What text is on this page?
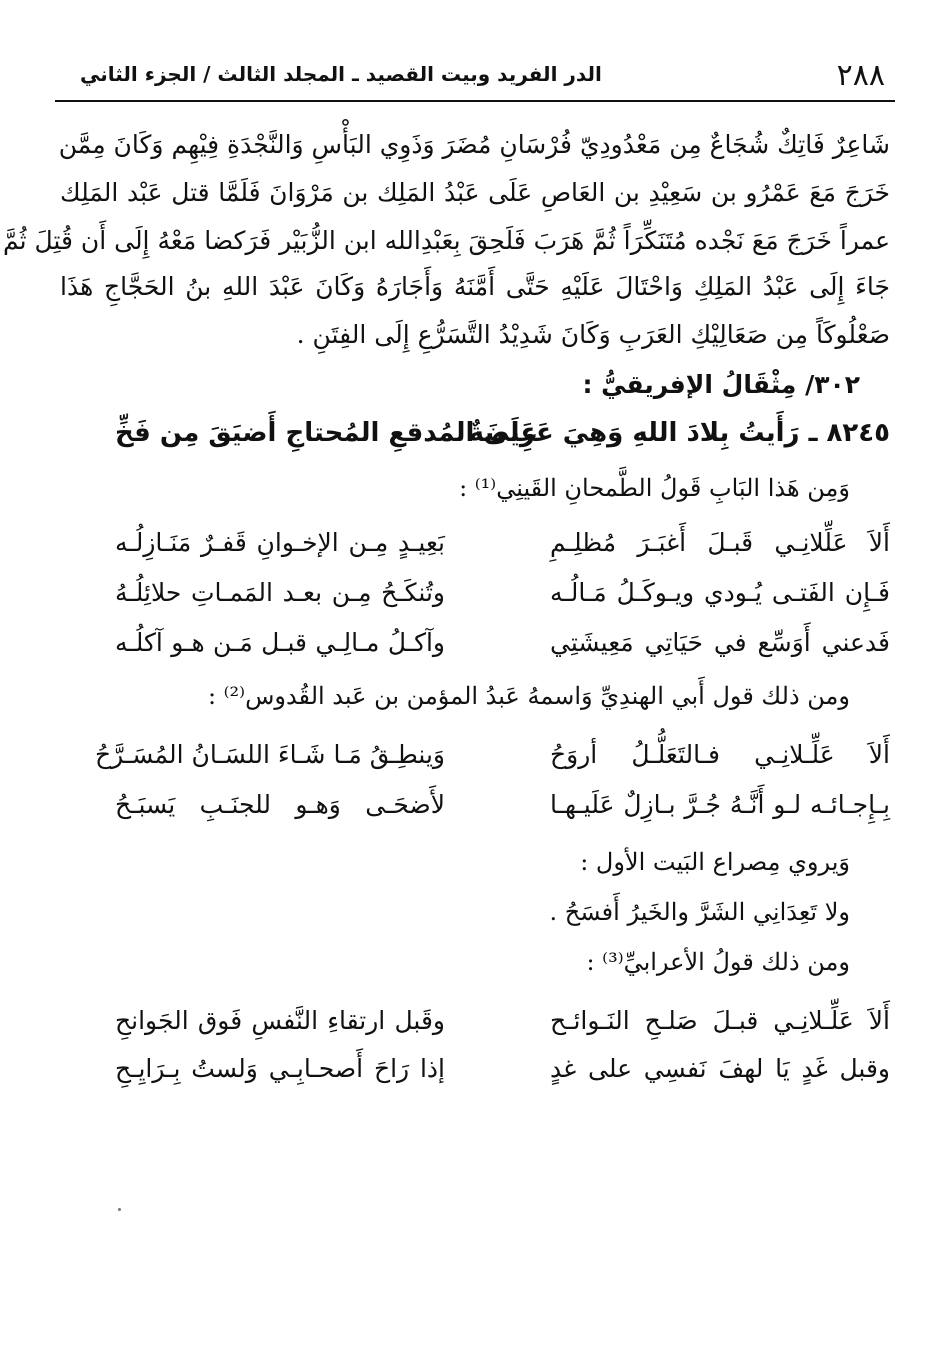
٢٨٨
الدر الفريد وبيت القصيد ـ المجلد الثالث / الجزء الثاني
شَاعِرٌ فَاتِكٌ شُجَاعٌ مِن مَعْدُودِيّ فُرْسَانِ مُضَرَ وَذَوِي البَأْسِ وَالنَّجْدَةِ فِيْهِم وَكَانَ مِمَّن
خَرَجَ مَعَ عَمْرُو بن سَعِيْدِ بن العَاصِ عَلَى عَبْدُ المَلِك بن مَرْوَانَ فَلَمَّا قتل عَبْد المَلِك
عمراً خَرَجَ مَعَ نَجْده مُتَنَكِّرَاً ثُمَّ هَرَبَ فَلَحِقَ بِعَبْدِالله ابن الزُّبَيْر فَرَكضا مَعْهُ إِلَى أَن قُتِلَ ثُمَّ
جَاءَ إِلَى عَبْدُ المَلِكِ وَاحْتَالَ عَلَيْهِ حَتَّى أَمَّنَهُ وَأَجَارَهُ وَكَانَ عَبْدَ اللهِ بنُ الحَجَّاجِ هَذَا
صَعْلُوكَاً مِن صَعَالِيْكِ العَرَبِ وَكَانَ شَدِيْدُ التَّسَرُّعِ إِلَى الفِتَنِ .
٣٠٢/ مِثْقَالُ الإفريقيُّ :
٨٢٤٥ ـ رَأَيتُ بِلادَ اللهِ وَهِيَ عَرِيضَةٌ
عَلَى المُدقعِ المُحتاجِ أَضيَقَ مِن فَخِّ
وَمِن هَذا البَابِ قَولُ الطَّمحانِ القَينِي⁽¹⁾ :
أَلاَ عَلِّلانِـي قَبـلَ أَغبَـرَ مُظلِـمِ
بَعِيـدٍ مِـن الإخـوانِ قَفـرٌ مَنَـازِلُـه
فَـإِن الفَتـى يُـودي ويـوكَـلُ مَـالُـه
وتُنكَـحُ مِـن بعـد المَمـاتِ حلائِلُـهُ
فَدعني أَوَسِّع في حَيَاتِي مَعِيشَتِي
وآكـلُ مـالِـي قبـل مَـن هـو آكلُـه
ومن ذلك قول أَبي الهندِيِّ وَاسمهُ عَبدُ المؤمن بن عَبد القُدوس⁽²⁾ :
أَلاَ عَلِّـلانِـي فـالتَعَلُّـلُ أروَحُ
وَينطِـقُ مَـا شَـاءَ اللسَـانُ المُسَـرَّحُ
بِـإِجـائـه لـو أَنَّـهُ جُـرَّ بـازِلٌ عَلَيـهـا
لأَضحَـى وَهـو للجنَـبِ يَسبَـحُ
وَيروي مِصراع البَيت الأول :
ولا تَعِدَانِي الشَرَّ والخَيرُ أَفسَحُ .
ومن ذلك قولُ الأعرابيِّ⁽³⁾ :
أَلاَ عَلِّـلانِـي قبـلَ صَلـحِ النَـوائـح
وقَبل ارتقاءِ النَّفسِ فَوق الجَوانحِ
وقبل غَدٍ يَا لهفَ نَفسِي على غدٍ
إذا رَاحَ أَصحـابِـي وَلستُ بِـرَايِـحِ
